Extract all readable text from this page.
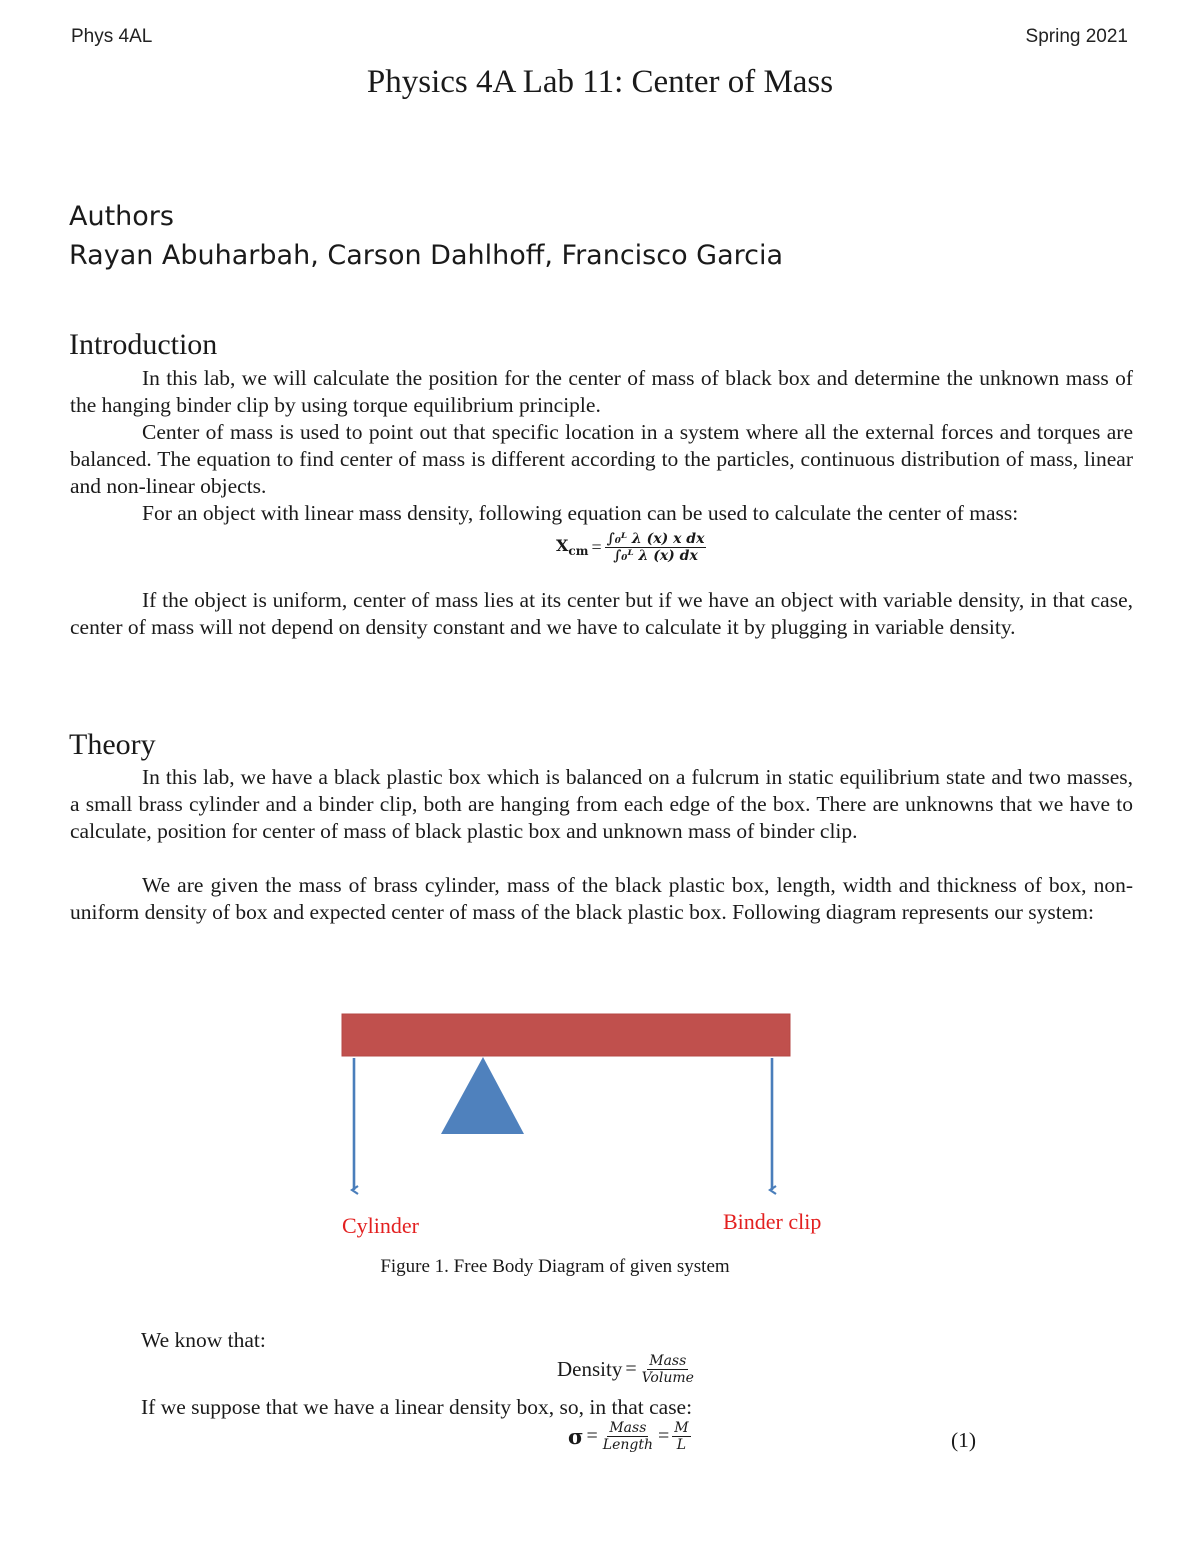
Phys 4AL	Spring 2021
Physics 4A Lab 11: Center of Mass
Authors
Rayan Abuharbah, Carson Dahlhoff, Francisco Garcia
Introduction
In this lab, we will calculate the position for the center of mass of black box and determine the unknown mass of the hanging binder clip by using torque equilibrium principle.
Center of mass is used to point out that specific location in a system where all the external forces and torques are balanced. The equation to find center of mass is different according to the particles, continuous distribution of mass, linear and non-linear objects.
For an object with linear mass density, following equation can be used to calculate the center of mass:
$X_{cm} = \frac{\text{∫₀ᴸ λ (x) x dx}}{\text{∫₀ᴸ λ (x) dx}}$
If the object is uniform, center of mass lies at its center but if we have an object with variable density, in that case, center of mass will not depend on density constant and we have to calculate it by plugging in variable density.
Theory
In this lab, we have a black plastic box which is balanced on a fulcrum in static equilibrium state and two masses, a small brass cylinder and a binder clip, both are hanging from each edge of the box. There are unknowns that we have to calculate, position for center of mass of black plastic box and unknown mass of binder clip.
We are given the mass of brass cylinder, mass of the black plastic box, length, width and thickness of box, non-uniform density of box and expected center of mass of the black plastic box. Following diagram represents our system:
Cylinder	Binder clip
Figure 1. Free Body Diagram of given system
We know that:
Density = $\frac{\text{Mass}}{\text{Volume}}$
If we suppose that we have a linear density box, so, in that case:
$\sigma = \frac{\text{Mass}}{\text{Length}} = \frac{M}{L}$	(1)
